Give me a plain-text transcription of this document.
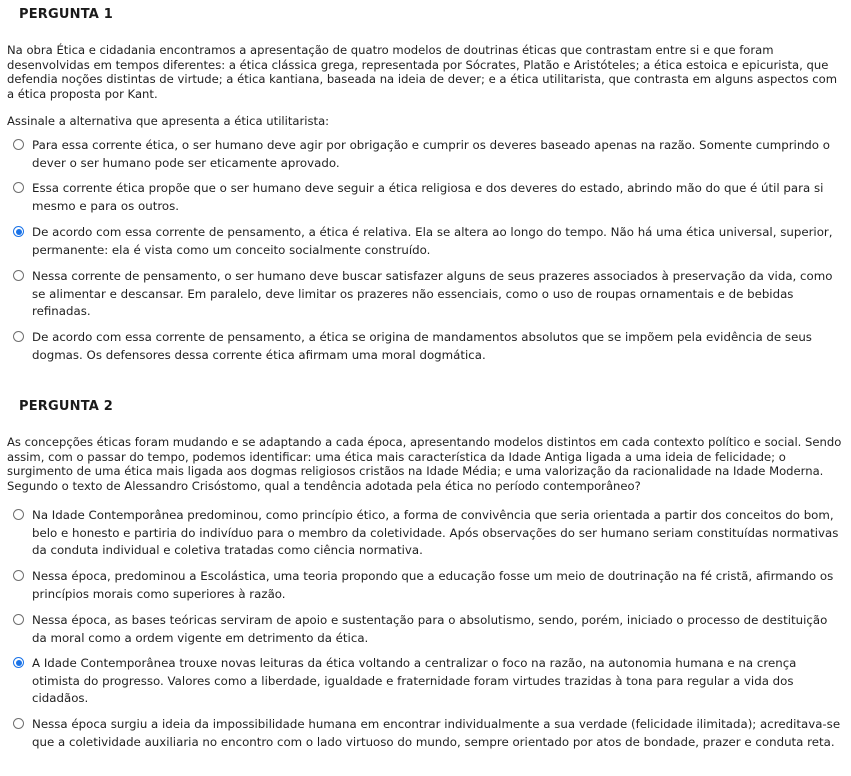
PERGUNTA 1
Na obra Ética e cidadania encontramos a apresentação de quatro modelos de doutrinas éticas que contrastam entre si e que foram desenvolvidas em tempos diferentes: a ética clássica grega, representada por Sócrates, Platão e Aristóteles; a ética estoica e epicurista, que defendia noções distintas de virtude; a ética kantiana, baseada na ideia de dever; e a ética utilitarista, que contrasta em alguns aspectos com a ética proposta por Kant.
Assinale a alternativa que apresenta a ética utilitarista:
Para essa corrente ética, o ser humano deve agir por obrigação e cumprir os deveres baseado apenas na razão. Somente cumprindo o dever o ser humano pode ser eticamente aprovado.
Essa corrente ética propõe que o ser humano deve seguir a ética religiosa e dos deveres do estado, abrindo mão do que é útil para si mesmo e para os outros.
De acordo com essa corrente de pensamento, a ética é relativa. Ela se altera ao longo do tempo. Não há uma ética universal, superior, permanente: ela é vista como um conceito socialmente construído.
Nessa corrente de pensamento, o ser humano deve buscar satisfazer alguns de seus prazeres associados à preservação da vida, como se alimentar e descansar. Em paralelo, deve limitar os prazeres não essenciais, como o uso de roupas ornamentais e de bebidas refinadas.
De acordo com essa corrente de pensamento, a ética se origina de mandamentos absolutos que se impõem pela evidência de seus dogmas. Os defensores dessa corrente ética afirmam uma moral dogmática.
PERGUNTA 2
As concepções éticas foram mudando e se adaptando a cada época, apresentando modelos distintos em cada contexto político e social. Sendo assim, com o passar do tempo, podemos identificar: uma ética mais característica da Idade Antiga ligada a uma ideia de felicidade; o surgimento de uma ética mais ligada aos dogmas religiosos cristãos na Idade Média; e uma valorização da racionalidade na Idade Moderna. Segundo o texto de Alessandro Crisóstomo, qual a tendência adotada pela ética no período contemporâneo?
Na Idade Contemporânea predominou, como princípio ético, a forma de convivência que seria orientada a partir dos conceitos do bom, belo e honesto e partiria do indivíduo para o membro da coletividade. Após observações do ser humano seriam constituídas normativas da conduta individual e coletiva tratadas como ciência normativa.
Nessa época, predominou a Escolástica, uma teoria propondo que a educação fosse um meio de doutrinação na fé cristã, afirmando os princípios morais como superiores à razão.
Nessa época, as bases teóricas serviram de apoio e sustentação para o absolutismo, sendo, porém, iniciado o processo de destituição da moral como a ordem vigente em detrimento da ética.
A Idade Contemporânea trouxe novas leituras da ética voltando a centralizar o foco na razão, na autonomia humana e na crença otimista do progresso. Valores como a liberdade, igualdade e fraternidade foram virtudes trazidas à tona para regular a vida dos cidadãos.
Nessa época surgiu a ideia da impossibilidade humana em encontrar individualmente a sua verdade (felicidade ilimitada); acreditava-se que a coletividade auxiliaria no encontro com o lado virtuoso do mundo, sempre orientado por atos de bondade, prazer e conduta reta.
